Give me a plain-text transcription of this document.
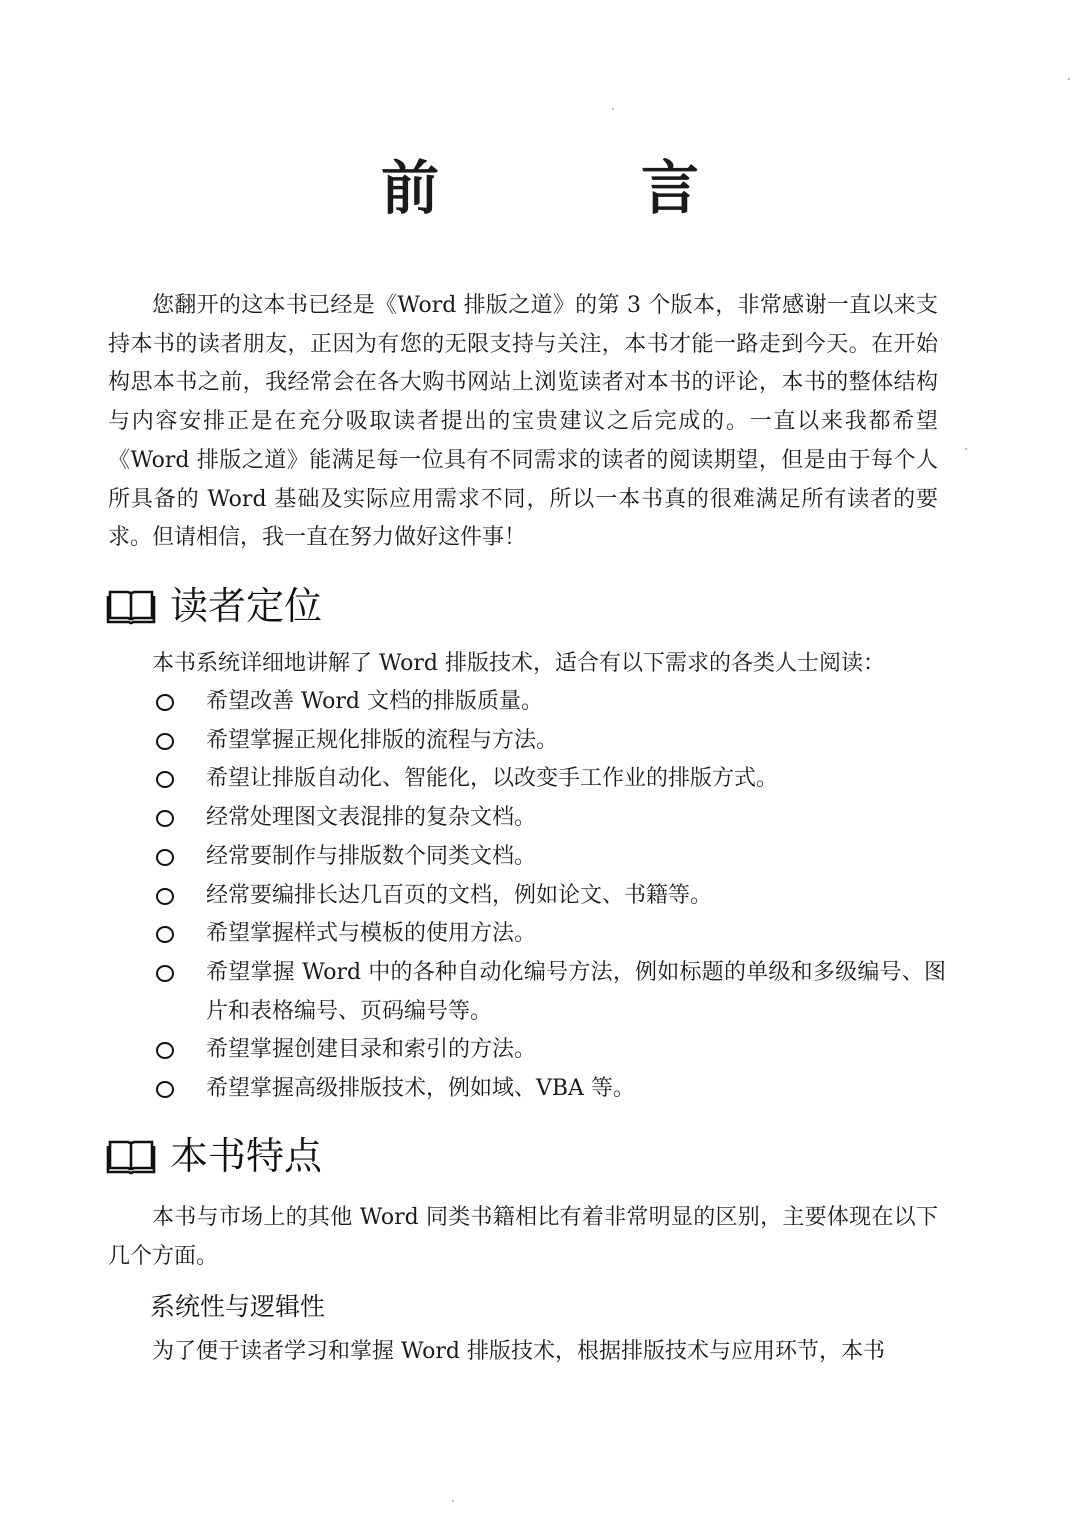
前　言

您翻开的这本书已经是《Word 排版之道》的第 3 个版本，非常感谢一直以来支持本书的读者朋友，正因为有您的无限支持与关注，本书才能一路走到今天。在开始构思本书之前，我经常会在各大购书网站上浏览读者对本书的评论，本书的整体结构与内容安排正是在充分吸取读者提出的宝贵建议之后完成的。一直以来我都希望《Word 排版之道》能满足每一位具有不同需求的读者的阅读期望，但是由于每个人所具备的 Word 基础及实际应用需求不同，所以一本书真的很难满足所有读者的要求。但请相信，我一直在努力做好这件事！

读者定位

本书系统详细地讲解了 Word 排版技术，适合有以下需求的各类人士阅读：

希望改善 Word 文档的排版质量。
希望掌握正规化排版的流程与方法。
希望让排版自动化、智能化，以改变手工作业的排版方式。
经常处理图文表混排的复杂文档。
经常要制作与排版数个同类文档。
经常要编排长达几百页的文档，例如论文、书籍等。
希望掌握样式与模板的使用方法。
希望掌握 Word 中的各种自动化编号方法，例如标题的单级和多级编号、图片和表格编号、页码编号等。
希望掌握创建目录和索引的方法。
希望掌握高级排版技术，例如域、VBA 等。
本书特点

本书与市场上的其他 Word 同类书籍相比有着非常明显的区别，主要体现在以下几个方面。

系统性与逻辑性

为了便于读者学习和掌握 Word 排版技术，根据排版技术与应用环节，本书
